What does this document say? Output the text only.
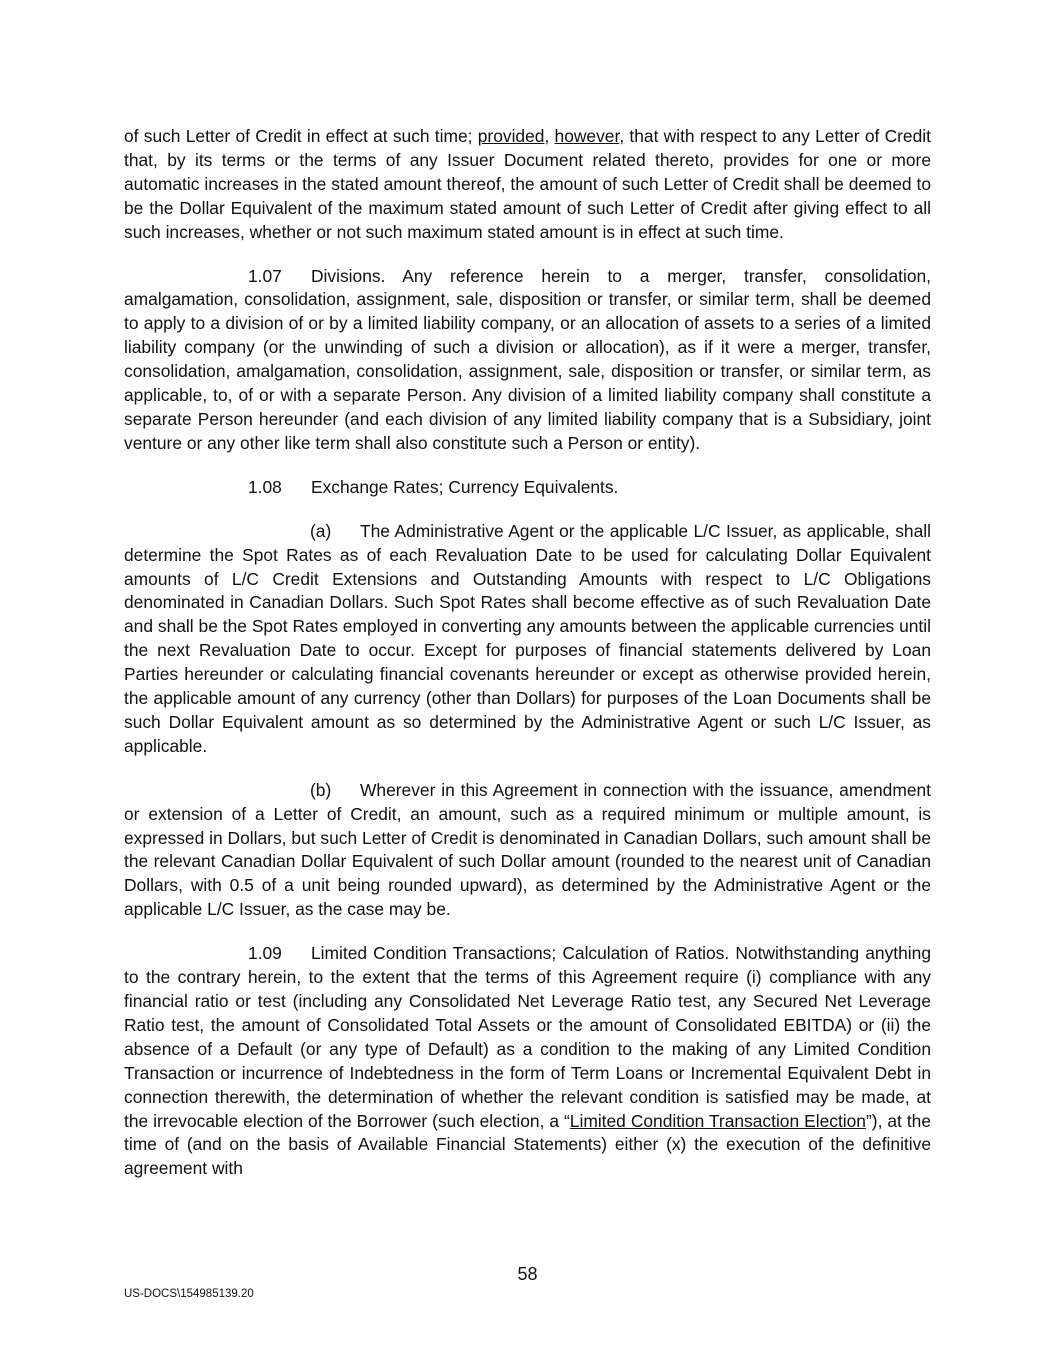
of such Letter of Credit in effect at such time; provided, however, that with respect to any Letter of Credit that, by its terms or the terms of any Issuer Document related thereto, provides for one or more automatic increases in the stated amount thereof, the amount of such Letter of Credit shall be deemed to be the Dollar Equivalent of the maximum stated amount of such Letter of Credit after giving effect to all such increases, whether or not such maximum stated amount is in effect at such time.

1.07 Divisions. Any reference herein to a merger, transfer, consolidation, amalgamation, consolidation, assignment, sale, disposition or transfer, or similar term, shall be deemed to apply to a division of or by a limited liability company, or an allocation of assets to a series of a limited liability company (or the unwinding of such a division or allocation), as if it were a merger, transfer, consolidation, amalgamation, consolidation, assignment, sale, disposition or transfer, or similar term, as applicable, to, of or with a separate Person. Any division of a limited liability company shall constitute a separate Person hereunder (and each division of any limited liability company that is a Subsidiary, joint venture or any other like term shall also constitute such a Person or entity).

1.08 Exchange Rates; Currency Equivalents.

(a) The Administrative Agent or the applicable L/C Issuer, as applicable, shall determine the Spot Rates as of each Revaluation Date to be used for calculating Dollar Equivalent amounts of L/C Credit Extensions and Outstanding Amounts with respect to L/C Obligations denominated in Canadian Dollars. Such Spot Rates shall become effective as of such Revaluation Date and shall be the Spot Rates employed in converting any amounts between the applicable currencies until the next Revaluation Date to occur. Except for purposes of financial statements delivered by Loan Parties hereunder or calculating financial covenants hereunder or except as otherwise provided herein, the applicable amount of any currency (other than Dollars) for purposes of the Loan Documents shall be such Dollar Equivalent amount as so determined by the Administrative Agent or such L/C Issuer, as applicable.

(b) Wherever in this Agreement in connection with the issuance, amendment or extension of a Letter of Credit, an amount, such as a required minimum or multiple amount, is expressed in Dollars, but such Letter of Credit is denominated in Canadian Dollars, such amount shall be the relevant Canadian Dollar Equivalent of such Dollar amount (rounded to the nearest unit of Canadian Dollars, with 0.5 of a unit being rounded upward), as determined by the Administrative Agent or the applicable L/C Issuer, as the case may be.

1.09 Limited Condition Transactions; Calculation of Ratios. Notwithstanding anything to the contrary herein, to the extent that the terms of this Agreement require (i) compliance with any financial ratio or test (including any Consolidated Net Leverage Ratio test, any Secured Net Leverage Ratio test, the amount of Consolidated Total Assets or the amount of Consolidated EBITDA) or (ii) the absence of a Default (or any type of Default) as a condition to the making of any Limited Condition Transaction or incurrence of Indebtedness in the form of Term Loans or Incremental Equivalent Debt in connection therewith, the determination of whether the relevant condition is satisfied may be made, at the irrevocable election of the Borrower (such election, a “Limited Condition Transaction Election”), at the time of (and on the basis of Available Financial Statements) either (x) the execution of the definitive agreement with

58
US-DOCS\154985139.20
